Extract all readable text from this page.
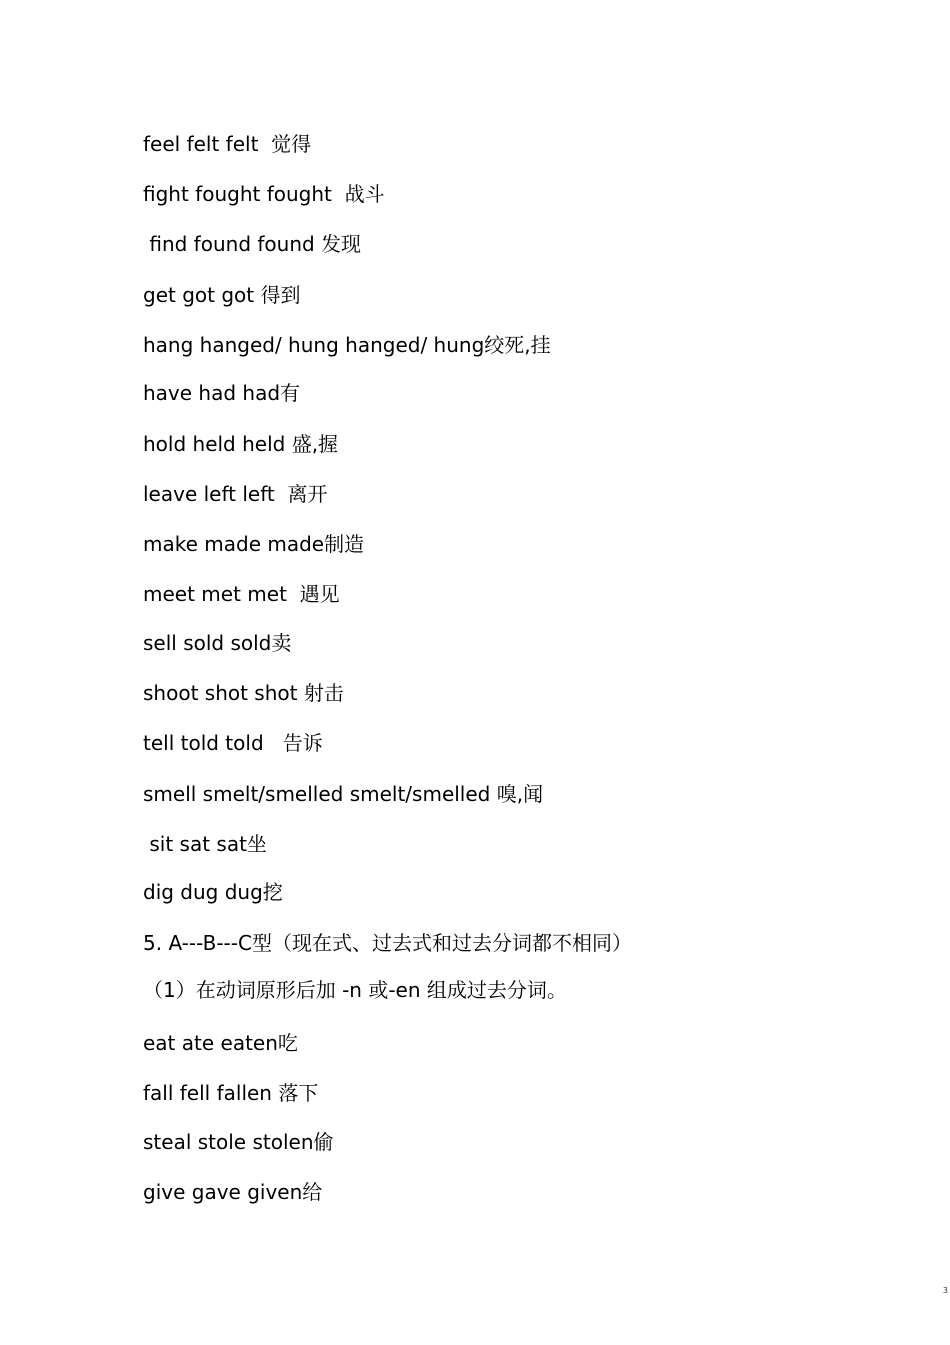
feel felt felt  觉得
fight fought fought  战斗
find found found 发现
get got got 得到
hang hanged/ hung hanged/ hung绞死,挂
have had had有
hold held held 盛,握
leave left left  离开
make made made制造
meet met met  遇见
sell sold sold卖
shoot shot shot 射击
tell told told   告诉
smell smelt/smelled smelt/smelled 嗅,闻
sit sat sat坐
dig dug dug挖
5. A---B---C型（现在式、过去式和过去分词都不相同）
（1）在动词原形后加 -n 或-en 组成过去分词。
eat ate eaten吃
fall fell fallen 落下
steal stole stolen偷
give gave given给
3
